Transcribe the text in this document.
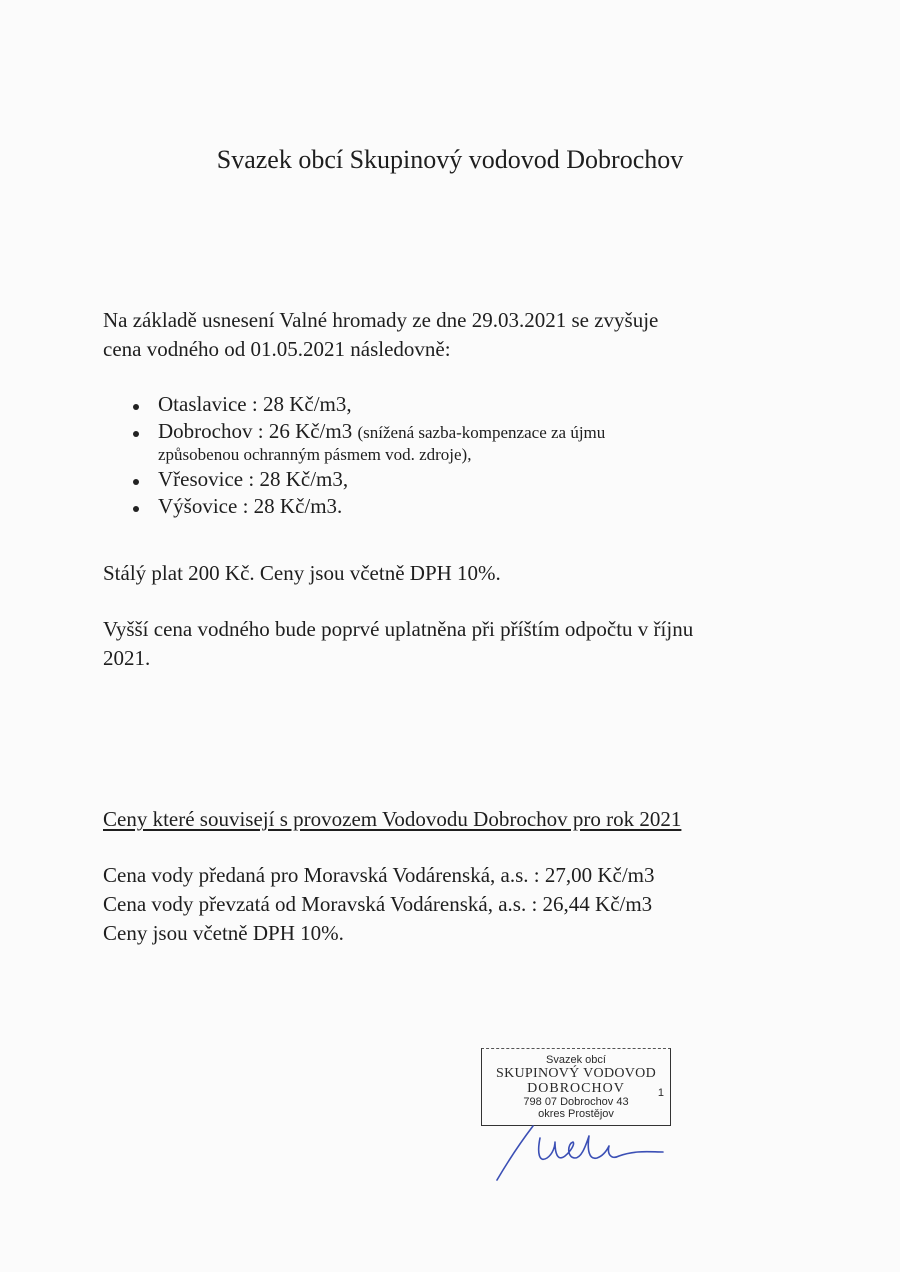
Svazek obcí Skupinový vodovod Dobrochov
Na základě usnesení Valné hromady ze dne 29.03.2021 se zvyšuje
cena vodného od 01.05.2021 následovně:
Otaslavice : 28 Kč/m3,
Dobrochov : 26 Kč/m3 (snížená sazba-kompenzace za újmu
způsobenou ochranným pásmem vod. zdroje),
Vřesovice : 28 Kč/m3,
Výšovice : 28 Kč/m3.
Stálý plat 200 Kč. Ceny jsou včetně DPH 10%.
Vyšší cena vodného bude poprvé uplatněna při příštím odpočtu v říjnu
2021.
Ceny které souvisejí s provozem Vodovodu Dobrochov pro rok 2021
Cena vody předaná pro Moravská Vodárenská, a.s. : 27,00 Kč/m3
Cena vody převzatá od Moravská Vodárenská, a.s. : 26,44 Kč/m3
Ceny jsou včetně DPH 10%.
Svazek obcí
SKUPINOVÝ VODOVOD
DOBROCHOV
798 07 Dobrochov 43
okres Prostějov
1
